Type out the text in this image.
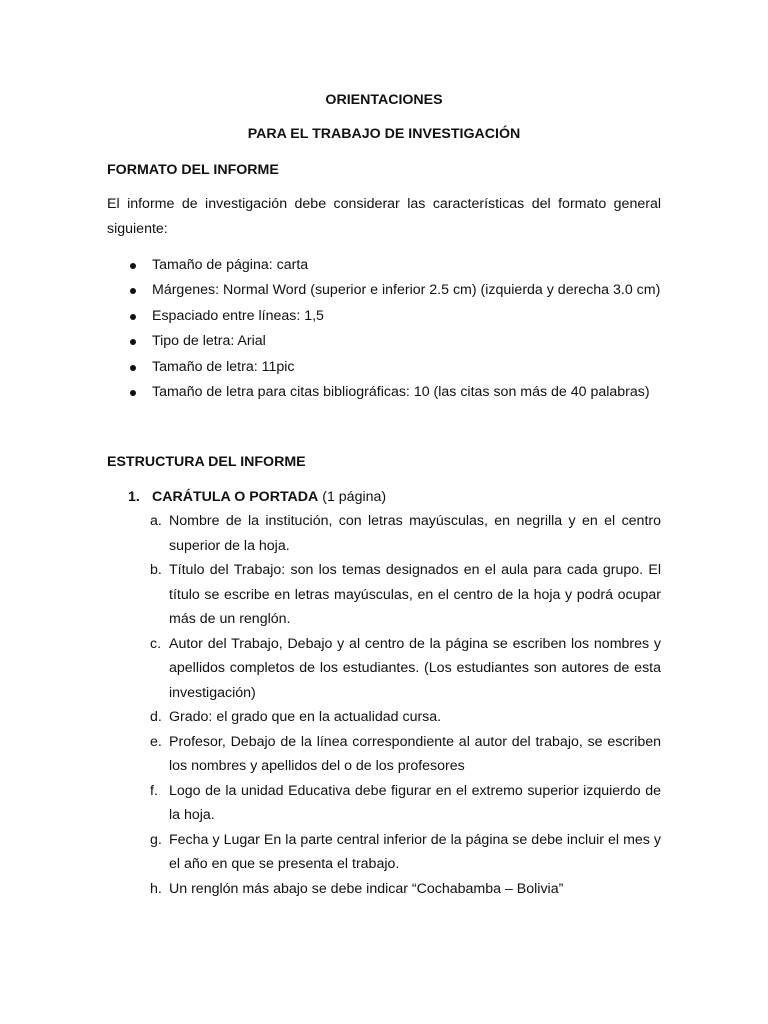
ORIENTACIONES
PARA EL TRABAJO DE INVESTIGACIÓN
FORMATO DEL INFORME

El informe de investigación debe considerar las características del formato general siguiente:

Tamaño de página: carta
Márgenes: Normal Word (superior e inferior 2.5 cm) (izquierda y derecha 3.0 cm)
Espaciado entre líneas: 1,5
Tipo de letra: Arial
Tamaño de letra: 11pic
Tamaño de letra para citas bibliográficas: 10 (las citas son más de 40 palabras)
ESTRUCTURA DEL INFORME
1. CARÁTULA O PORTADA (1 página)
a. Nombre de la institución, con letras mayúsculas, en negrilla y en el centro superior de la hoja.
b. Título del Trabajo: son los temas designados en el aula para cada grupo. El título se escribe en letras mayúsculas, en el centro de la hoja y podrá ocupar más de un renglón.
c. Autor del Trabajo, Debajo y al centro de la página se escriben los nombres y apellidos completos de los estudiantes. (Los estudiantes son autores de esta investigación)
d. Grado: el grado que en la actualidad cursa.
e. Profesor, Debajo de la línea correspondiente al autor del trabajo, se escriben los nombres y apellidos del o de los profesores
f. Logo de la unidad Educativa debe figurar en el extremo superior izquierdo de la hoja.
g. Fecha y Lugar En la parte central inferior de la página se debe incluir el mes y el año en que se presenta el trabajo.
h. Un renglón más abajo se debe indicar “Cochabamba – Bolivia”
